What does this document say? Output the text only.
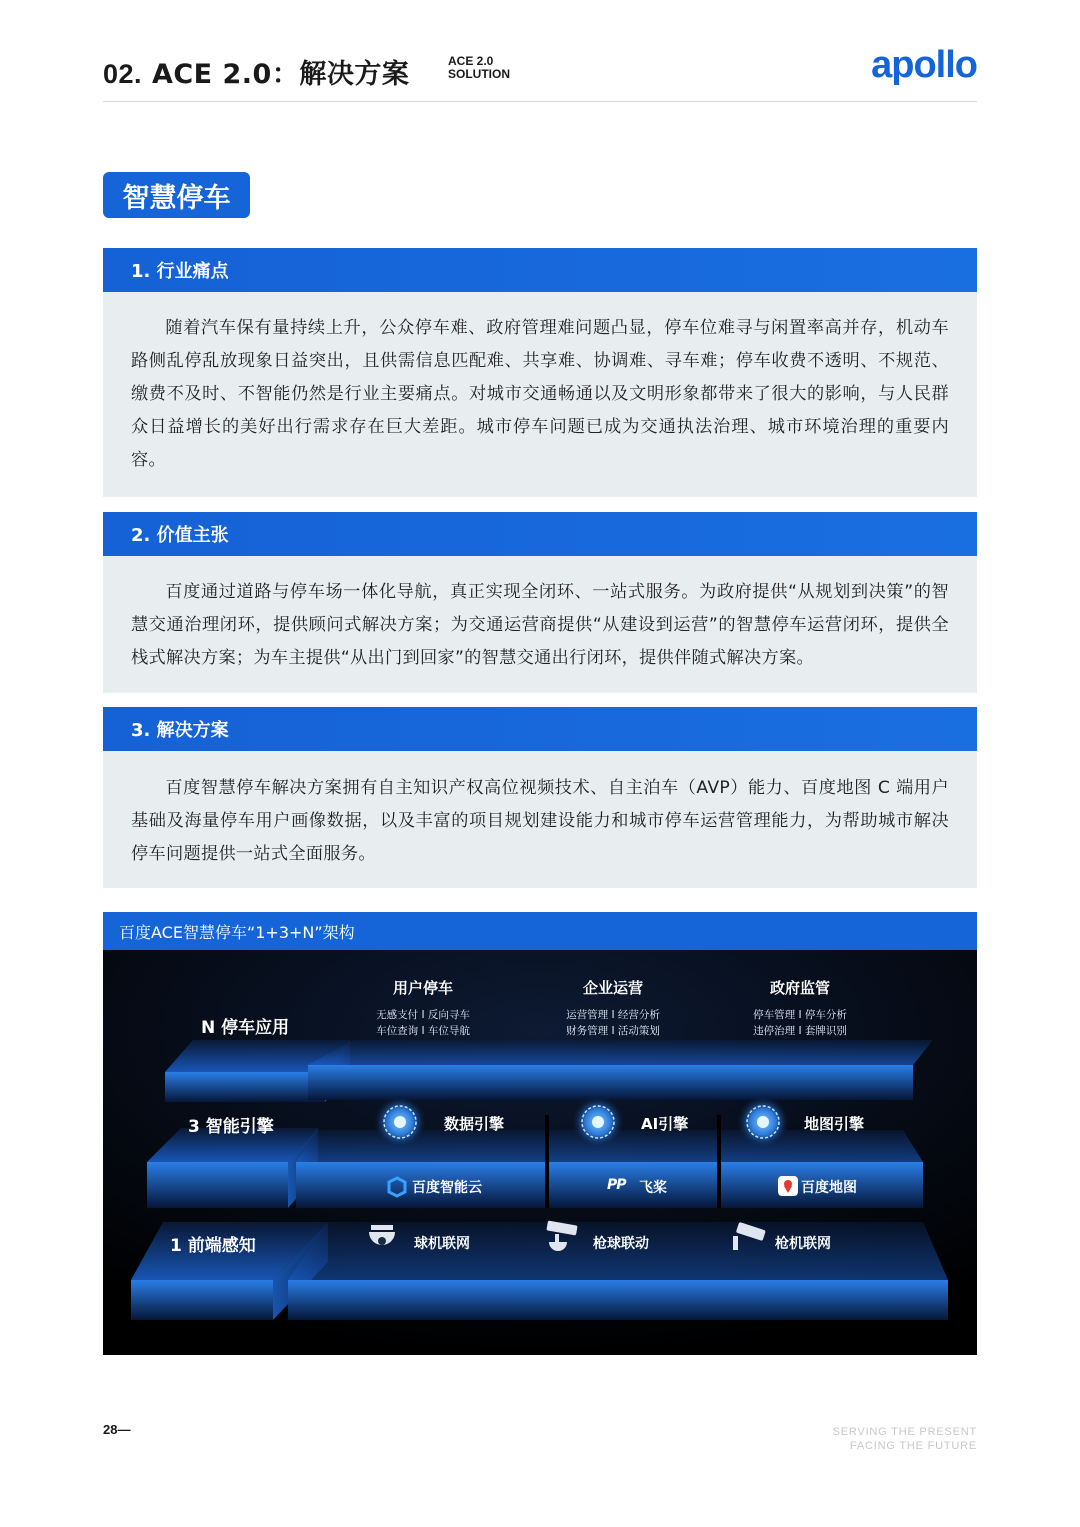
02. ACE 2.0：解决方案	ACE 2.0
SOLUTION	apollo
智慧停车
1. 行业痛点

随着汽车保有量持续上升，公众停车难、政府管理难问题凸显，停车位难寻与闲置率高并存，机动车路侧乱停乱放现象日益突出，且供需信息匹配难、共享难、协调难、寻车难；停车收费不透明、不规范、缴费不及时、不智能仍然是行业主要痛点。对城市交通畅通以及文明形象都带来了很大的影响，与人民群众日益增长的美好出行需求存在巨大差距。城市停车问题已成为交通执法治理、城市环境治理的重要内容。

2. 价值主张

百度通过道路与停车场一体化导航，真正实现全闭环、一站式服务。为政府提供“从规划到决策”的智慧交通治理闭环，提供顾问式解决方案；为交通运营商提供“从建设到运营”的智慧停车运营闭环，提供全栈式解决方案；为车主提供“从出门到回家”的智慧交通出行闭环，提供伴随式解决方案。

3. 解决方案

百度智慧停车解决方案拥有自主知识产权高位视频技术、自主泊车（AVP）能力、百度地图 C 端用户基础及海量停车用户画像数据，以及丰富的项目规划建设能力和城市停车运营管理能力，为帮助城市解决停车问题提供一站式全面服务。

百度ACE智慧停车“1+3+N”架构
N 停车应用
3 智能引擎
1 前端感知
用户停车
无感支付 I 反向寻车
车位查询 I 车位导航
企业运营
运营管理 I 经营分析
财务管理 I 活动策划
政府监管
停车管理 I 停车分析
违停治理 I 套牌识别
数据引擎	AI引擎	地图引擎
百度智能云	PP 飞桨	百度地图
球机联网	枪球联动	枪机联网
28—	SERVING THE PRESENT
FACING THE FUTURE
